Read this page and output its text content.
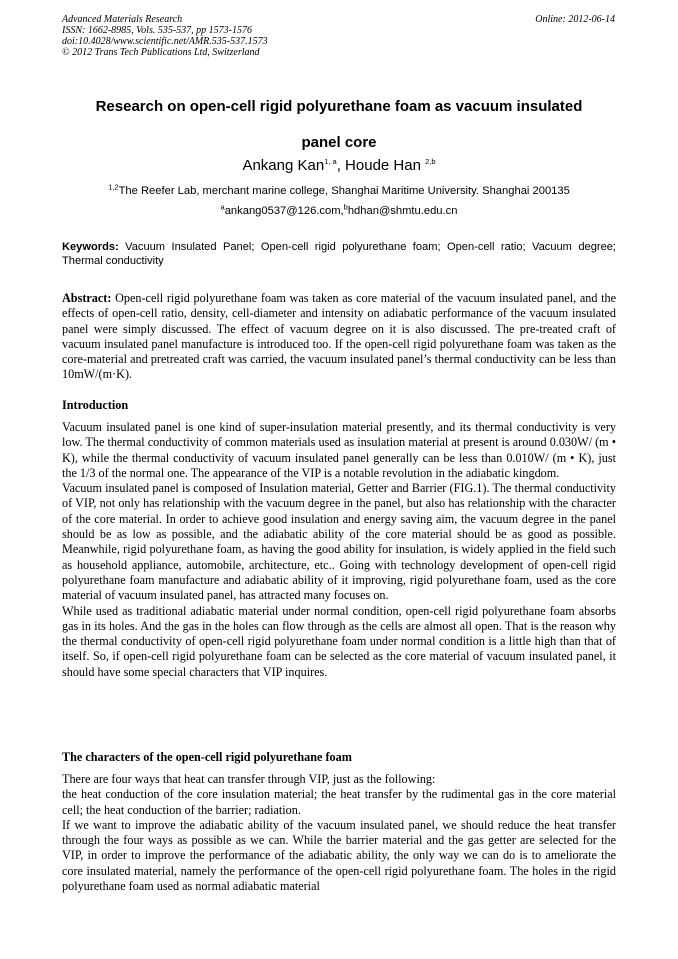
Advanced Materials Research
ISSN: 1662-8985, Vols. 535-537, pp 1573-1576
doi:10.4028/www.scientific.net/AMR.535-537.1573
© 2012 Trans Tech Publications Ltd, Switzerland
Online: 2012-06-14
Research on open-cell rigid polyurethane foam as vacuum insulated
panel core
Ankang Kan$^{1, a}$, Houde Han $^{2,b}$
$^{1,2}$The Reefer Lab, merchant marine college, Shanghai Maritime University. Shanghai 200135
$^a$ankang0537@126.com,$^b$hdhan@shmtu.edu.cn
Keywords: Vacuum Insulated Panel; Open-cell rigid polyurethane foam; Open-cell ratio; Vacuum degree; Thermal conductivity
Abstract: Open-cell rigid polyurethane foam was taken as core material of the vacuum insulated panel, and the effects of open-cell ratio, density, cell-diameter and intensity on adiabatic performance of the vacuum insulated panel were simply discussed. The effect of vacuum degree on it is also discussed. The pre-treated craft of vacuum insulated panel manufacture is introduced too. If the open-cell rigid polyurethane foam was taken as the core-material and pretreated craft was carried, the vacuum insulated panel’s thermal conductivity can be less than 10mW/(m·K).
Introduction

Vacuum insulated panel is one kind of super-insulation material presently, and its thermal conductivity is very low. The thermal conductivity of common materials used as insulation material at present is around 0.030W/ (m • K), while the thermal conductivity of vacuum insulated panel generally can be less than 0.010W/ (m • K), just the 1/3 of the normal one. The appearance of the VIP is a notable revolution in the adiabatic kingdom.

Vacuum insulated panel is composed of Insulation material, Getter and Barrier (FIG.1). The thermal conductivity of VIP, not only has relationship with the vacuum degree in the panel, but also has relationship with the character of the core material. In order to achieve good insulation and energy saving aim, the vacuum degree in the panel should be as low as possible, and the adiabatic ability of the core material should be as good as possible. Meanwhile, rigid polyurethane foam, as having the good ability for insulation, is widely applied in the field such as household appliance, automobile, architecture, etc.. Going with technology development of open-cell rigid polyurethane foam manufacture and adiabatic ability of it improving, rigid polyurethane foam, used as the core material of vacuum insulated panel, has attracted many focuses on.

While used as traditional adiabatic material under normal condition, open-cell rigid polyurethane foam absorbs gas in its holes. And the gas in the holes can flow through as the cells are almost all open. That is the reason why the thermal conductivity of open-cell rigid polyurethane foam under normal condition is a little high than that of itself. So, if open-cell rigid polyurethane foam can be selected as the core material of vacuum insulated panel, it should have some special characters that VIP inquires.

The characters of the open-cell rigid polyurethane foam

There are four ways that heat can transfer through VIP, just as the following:

the heat conduction of the core insulation material; the heat transfer by the rudimental gas in the core material cell; the heat conduction of the barrier; radiation.

If we want to improve the adiabatic ability of the vacuum insulated panel, we should reduce the heat transfer through the four ways as possible as we can. While the barrier material and the gas getter are selected for the VIP, in order to improve the performance of the adiabatic ability, the only way we can do is to ameliorate the core insulated material, namely the performance of the open-cell rigid polyurethane foam. The holes in the rigid polyurethane foam used as normal adiabatic material
